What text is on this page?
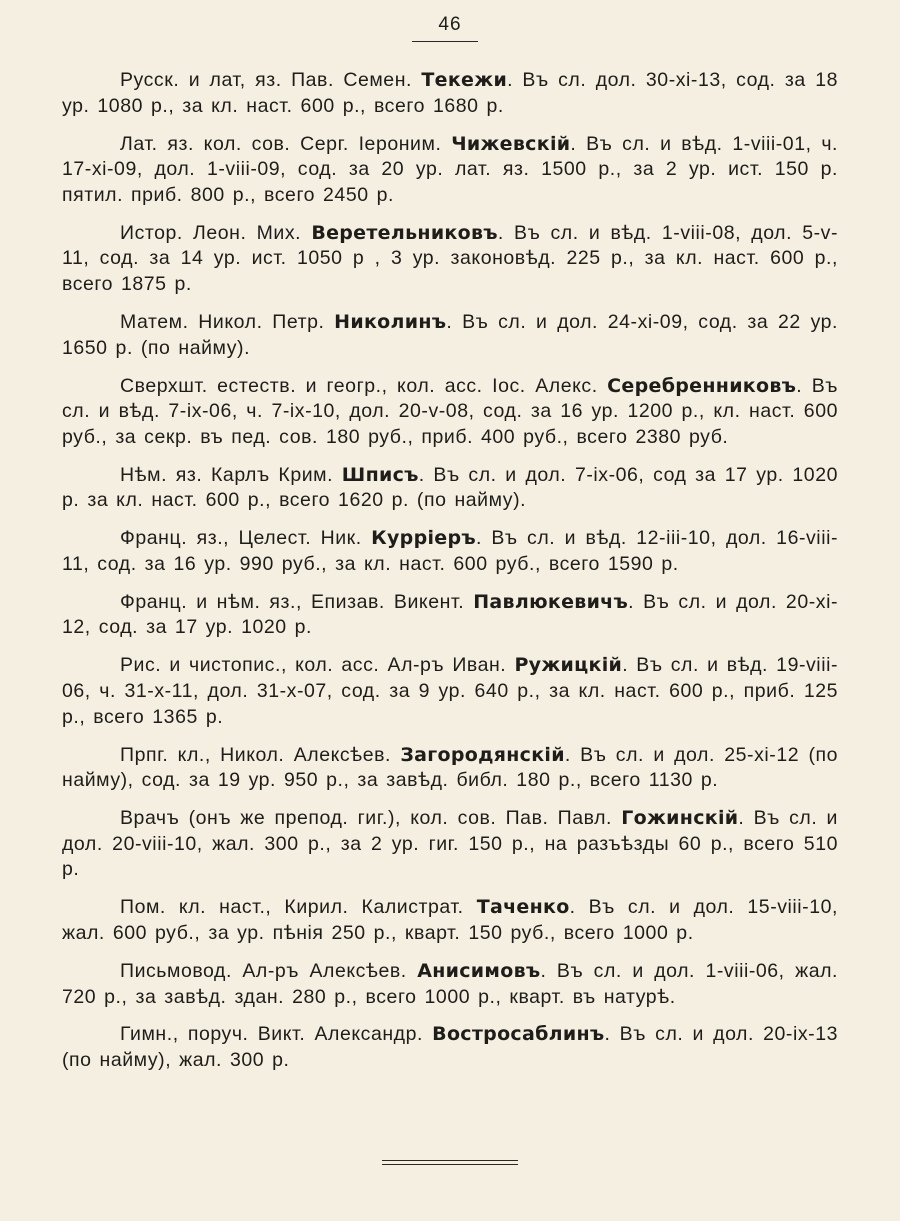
46

Русск. и лат, яз. Пав. Семен. Текежи. Въ сл. дол. 30-xi-13, сод. за 18 ур. 1080 р., за кл. наст. 600 р., всего 1680 р.

Лат. яз. кол. сов. Серг. Іероним. Чижевскій. Въ сл. и вѣд. 1-viii-01, ч. 17-xi-09, дол. 1-viii-09, сод. за 20 ур. лат. яз. 1500 р., за 2 ур. ист. 150 р. пятил. приб. 800 р., всего 2450 р.

Истор. Леон. Мих. Веретельниковъ. Въ сл. и вѣд. 1-viii-08, дол. 5-v-11, сод. за 14 ур. ист. 1050 р , 3 ур. законовѣд. 225 р., за кл. наст. 600 р., всего 1875 р.

Матем. Никол. Петр. Николинъ. Въ сл. и дол. 24-xi-09, сод. за 22 ур. 1650 р. (по найму).

Сверхшт. естеств. и геогр., кол. асс. Іос. Алекс. Серебренниковъ. Въ сл. и вѣд. 7-ix-06, ч. 7-ix-10, дол. 20-v-08, сод. за 16 ур. 1200 р., кл. наст. 600 руб., за секр. въ пед. сов. 180 руб., приб. 400 руб., всего 2380 руб.

Нѣм. яз. Карлъ Крим. Шписъ. Въ сл. и дол. 7-ix-06, сод за 17 ур. 1020 р. за кл. наст. 600 р., всего 1620 р. (по найму).

Франц. яз., Целест. Ник. Курріеръ. Въ сл. и вѣд. 12-iii-10, дол. 16-viii-11, сод. за 16 ур. 990 руб., за кл. наст. 600 руб., всего 1590 р.

Франц. и нѣм. яз., Епизав. Викент. Павлюкевичъ. Въ сл. и дол. 20-xi-12, сод. за 17 ур. 1020 р.

Рис. и чистопис., кол. асс. Ал-ръ Иван. Ружицкій. Въ сл. и вѣд. 19-viii-06, ч. 31-x-11, дол. 31-x-07, сод. за 9 ур. 640 р., за кл. наст. 600 р., приб. 125 р., всего 1365 р.

Прпг. кл., Никол. Алексѣев. Загородянскій. Въ сл. и дол. 25-xi-12 (по найму), сод. за 19 ур. 950 р., за завѣд. библ. 180 р., всего 1130 р.

Врачъ (онъ же препод. гиг.), кол. сов. Пав. Павл. Гожинскій. Въ сл. и дол. 20-viii-10, жал. 300 р., за 2 ур. гиг. 150 р., на разъѣзды 60 р., всего 510 р.

Пом. кл. наст., Кирил. Калистрат. Таченко. Въ сл. и дол. 15-viii-10, жал. 600 руб., за ур. пѣнія 250 р., кварт. 150 руб., всего 1000 р.

Письмовод. Ал-ръ Алексѣев. Анисимовъ. Въ сл. и дол. 1-viii-06, жал. 720 р., за завѣд. здан. 280 р., всего 1000 р., кварт. въ натурѣ.

Гимн., поруч. Викт. Александр. Востросаблинъ. Въ сл. и дол. 20-ix-13 (по найму), жал. 300 р.
